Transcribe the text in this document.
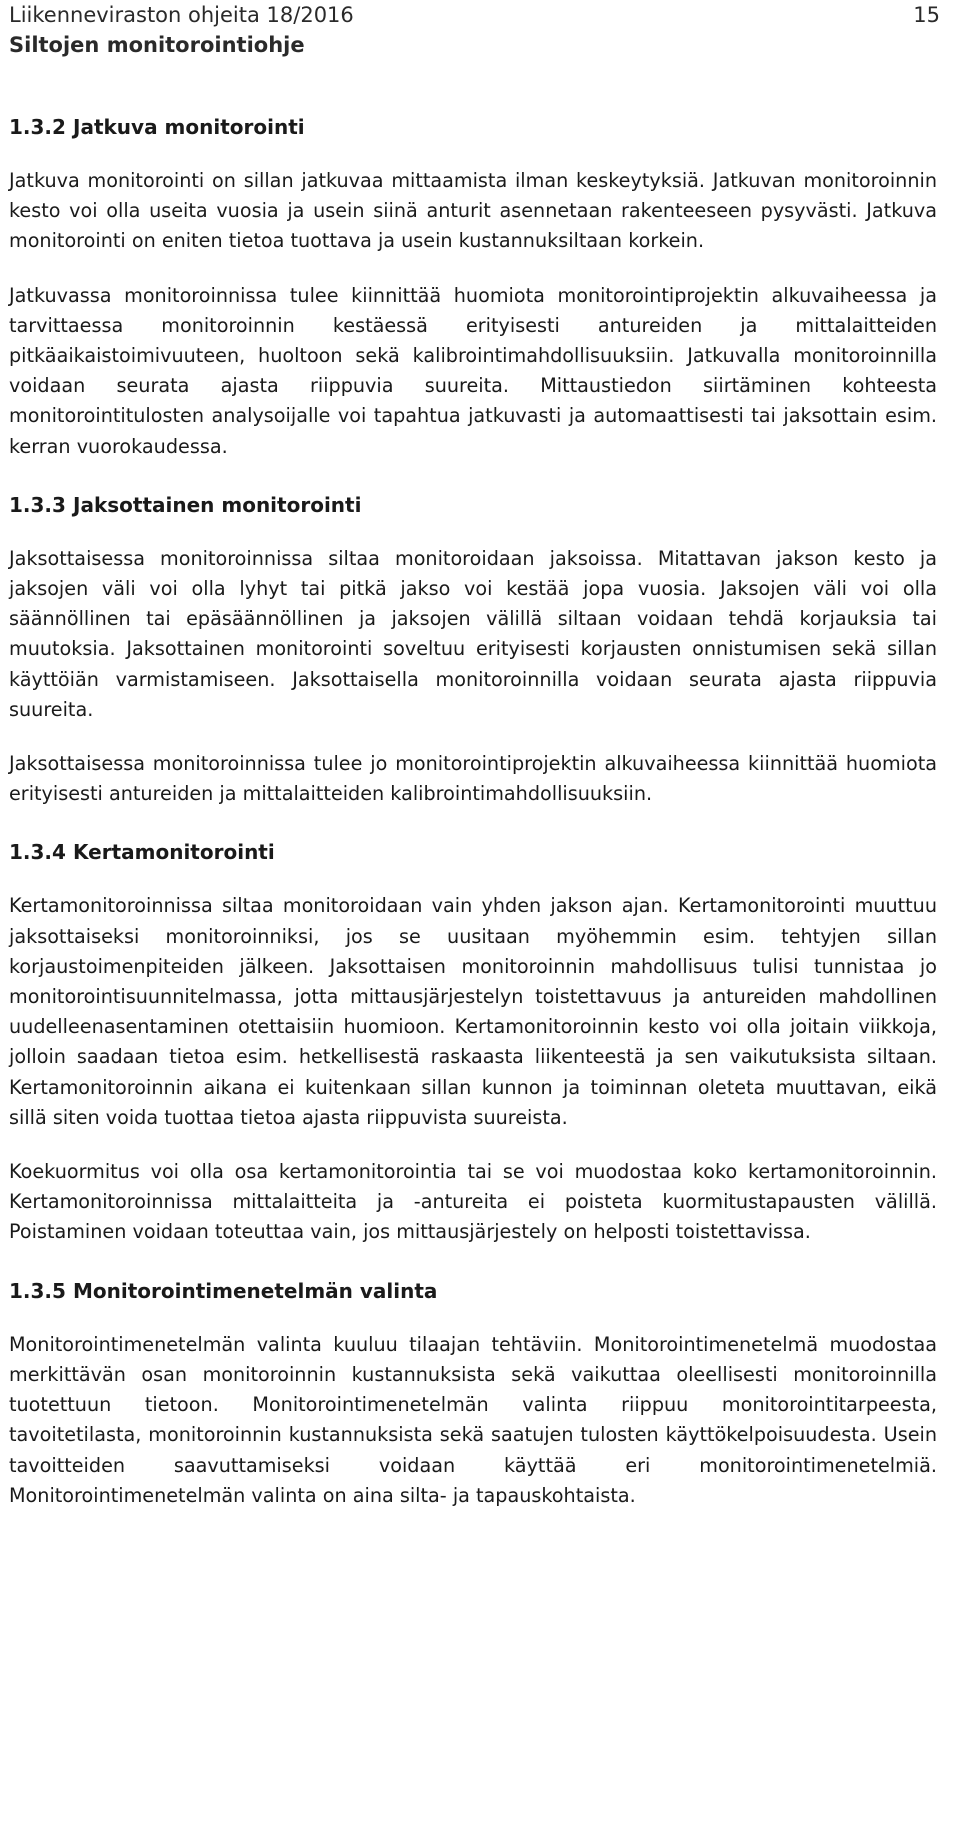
Liikenneviraston ohjeita 18/2016
Siltojen monitorointiohje
15
1.3.2 Jatkuva monitorointi

Jatkuva monitorointi on sillan jatkuvaa mittaamista ilman keskeytyksiä. Jatkuvan monitoroinnin kesto voi olla useita vuosia ja usein siinä anturit asennetaan rakenteeseen pysyvästi. Jatkuva monitorointi on eniten tietoa tuottava ja usein kustannuksiltaan korkein.

Jatkuvassa monitoroinnissa tulee kiinnittää huomiota monitorointiprojektin alkuvaiheessa ja tarvittaessa monitoroinnin kestäessä erityisesti antureiden ja mittalaitteiden pitkäaikaistoimivuuteen, huoltoon sekä kalibrointimahdollisuuksiin. Jatkuvalla monitoroinnilla voidaan seurata ajasta riippuvia suureita. Mittaustiedon siirtäminen kohteesta monitorointitulosten analysoijalle voi tapahtua jatkuvasti ja automaattisesti tai jaksottain esim. kerran vuorokaudessa.

1.3.3 Jaksottainen monitorointi

Jaksottaisessa monitoroinnissa siltaa monitoroidaan jaksoissa. Mitattavan jakson kesto ja jaksojen väli voi olla lyhyt tai pitkä jakso voi kestää jopa vuosia. Jaksojen väli voi olla säännöllinen tai epäsäännöllinen ja jaksojen välillä siltaan voidaan tehdä korjauksia tai muutoksia. Jaksottainen monitorointi soveltuu erityisesti korjausten onnistumisen sekä sillan käyttöiän varmistamiseen. Jaksottaisella monitoroinnilla voidaan seurata ajasta riippuvia suureita.

Jaksottaisessa monitoroinnissa tulee jo monitorointiprojektin alkuvaiheessa kiinnittää huomiota erityisesti antureiden ja mittalaitteiden kalibrointimahdollisuuksiin.

1.3.4 Kertamonitorointi

Kertamonitoroinnissa siltaa monitoroidaan vain yhden jakson ajan. Kertamonitorointi muuttuu jaksottaiseksi monitoroinniksi, jos se uusitaan myöhemmin esim. tehtyjen sillan korjaustoimenpiteiden jälkeen. Jaksottaisen monitoroinnin mahdollisuus tulisi tunnistaa jo monitorointisuunnitelmassa, jotta mittausjärjestelyn toistettavuus ja antureiden mahdollinen uudelleenasentaminen otettaisiin huomioon. Kertamonitoroinnin kesto voi olla joitain viikkoja, jolloin saadaan tietoa esim. hetkellisestä raskaasta liikenteestä ja sen vaikutuksista siltaan. Kertamonitoroinnin aikana ei kuitenkaan sillan kunnon ja toiminnan oleteta muuttavan, eikä sillä siten voida tuottaa tietoa ajasta riippuvista suureista.

Koekuormitus voi olla osa kertamonitorointia tai se voi muodostaa koko kertamonitoroinnin. Kertamonitoroinnissa mittalaitteita ja -antureita ei poisteta kuormitustapausten välillä. Poistaminen voidaan toteuttaa vain, jos mittausjärjestely on helposti toistettavissa.

1.3.5 Monitorointimenetelmän valinta

Monitorointimenetelmän valinta kuuluu tilaajan tehtäviin. Monitorointimenetelmä muodostaa merkittävän osan monitoroinnin kustannuksista sekä vaikuttaa oleellisesti monitoroinnilla tuotettuun tietoon. Monitorointimenetelmän valinta riippuu monitorointitarpeesta, tavoitetilasta, monitoroinnin kustannuksista sekä saatujen tulosten käyttökelpoisuudesta. Usein tavoitteiden saavuttamiseksi voidaan käyttää eri monitorointimenetelmiä. Monitorointimenetelmän valinta on aina silta- ja tapauskohtaista.
